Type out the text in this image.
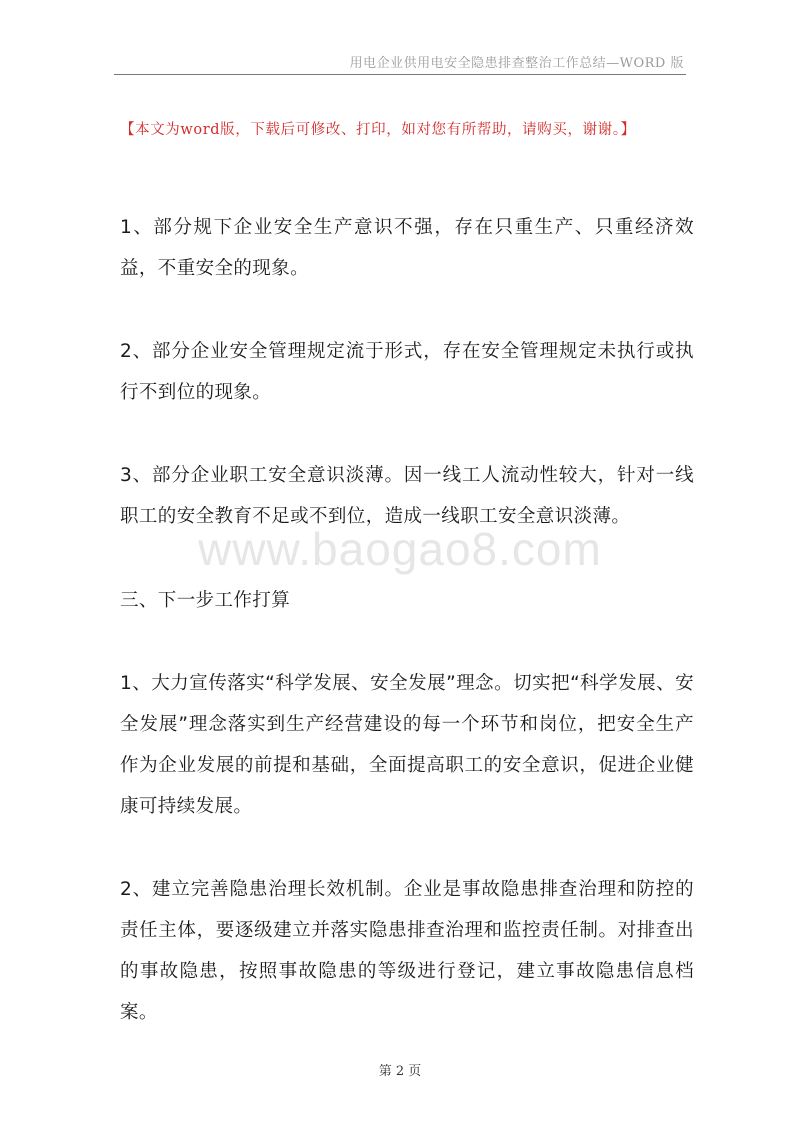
用电企业供用电安全隐患排查整治工作总结—WORD 版
【本文为word版，下载后可修改、打印，如对您有所帮助，请购买，谢谢。】

1、部分规下企业安全生产意识不强，存在只重生产、只重经济效益，不重安全的现象。

2、部分企业安全管理规定流于形式，存在安全管理规定未执行或执行不到位的现象。

3、部分企业职工安全意识淡薄。因一线工人流动性较大，针对一线职工的安全教育不足或不到位，造成一线职工安全意识淡薄。

www.baogao8.com

三、下一步工作打算

1、大力宣传落实“科学发展、安全发展”理念。切实把“科学发展、安全发展”理念落实到生产经营建设的每一个环节和岗位，把安全生产作为企业发展的前提和基础，全面提高职工的安全意识，促进企业健康可持续发展。

2、建立完善隐患治理长效机制。企业是事故隐患排查治理和防控的责任主体，要逐级建立并落实隐患排查治理和监控责任制。对排查出的事故隐患，按照事故隐患的等级进行登记，建立事故隐患信息档案。

第 2 页
